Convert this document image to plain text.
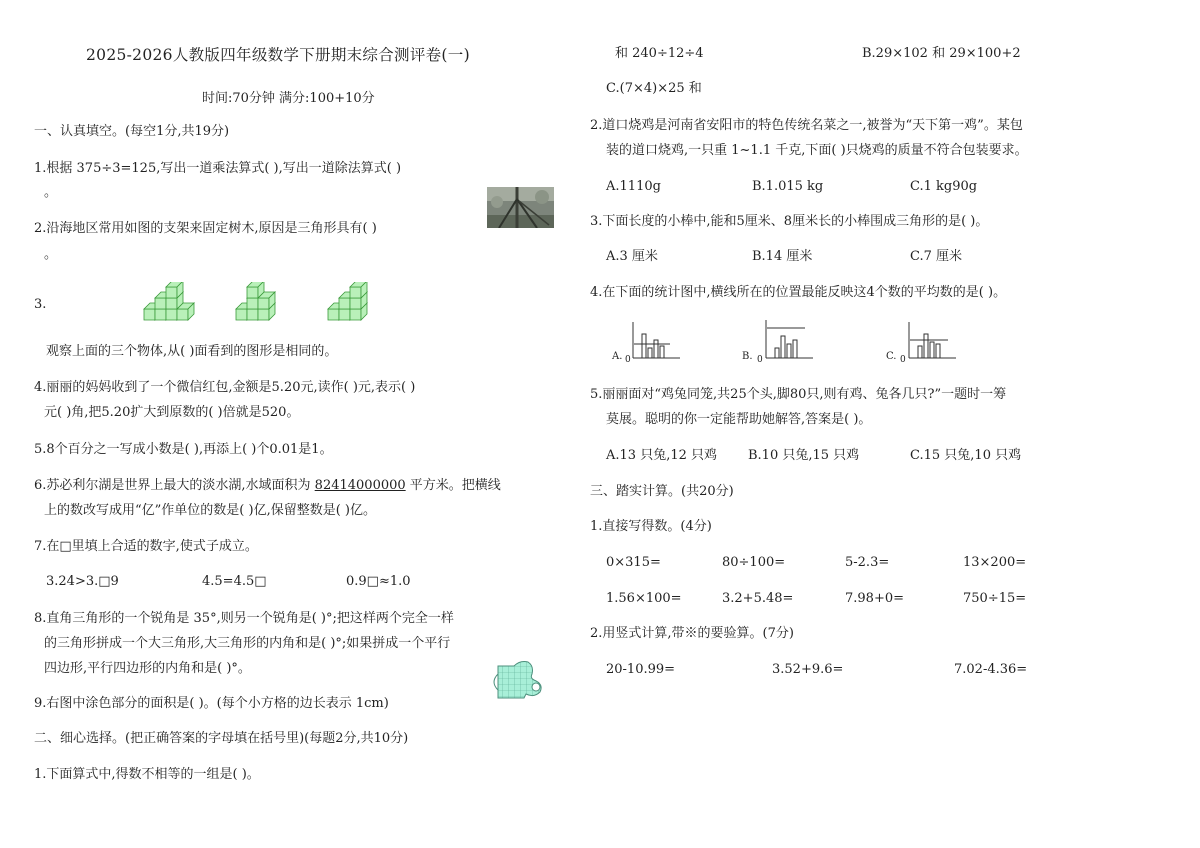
2025-2026人教版四年级数学下册期末综合测评卷(一)
时间:70分钟 满分:100+10分
一、认真填空。(每空1分,共19分)
1.根据 375÷3=125,写出一道乘法算式( ),写出一道除法算式( )
。
2.沿海地区常用如图的支架来固定树木,原因是三角形具有( )
。
3.
观察上面的三个物体,从( )面看到的图形是相同的。
4.丽丽的妈妈收到了一个微信红包,金额是5.20元,读作( )元,表示( )
元( )角,把5.20扩大到原数的( )倍就是520。
5.8个百分之一写成小数是( ),再添上( )个0.01是1。
6.苏必利尔湖是世界上最大的淡水湖,水域面积为 82414000000 平方米。把横线
上的数改写成用“亿”作单位的数是( )亿,保留整数是( )亿。
7.在□里填上合适的数字,使式子成立。
3.24>3.□9	4.5=4.5□	0.9□≈1.0
8.直角三角形的一个锐角是 35°,则另一个锐角是( )°;把这样两个完全一样
的三角形拼成一个大三角形,大三角形的内角和是( )°;如果拼成一个平行
四边形,平行四边形的内角和是( )°。
9.右图中涂色部分的面积是( )。(每个小方格的边长表示 1cm)
二、细心选择。(把正确答案的字母填在括号里)(每题2分,共10分)
1.下面算式中,得数不相等的一组是( )。
和 240÷12÷4	B.29×102 和 29×100+2
C.(7×4)×25 和
2.道口烧鸡是河南省安阳市的特色传统名菜之一,被誉为“天下第一鸡”。某包
装的道口烧鸡,一只重 1~1.1 千克,下面( )只烧鸡的质量不符合包装要求。
A.1110g	B.1.015 kg	C.1 kg90g
3.下面长度的小棒中,能和5厘米、8厘米长的小棒围成三角形的是( )。
A.3 厘米	B.14 厘米	C.7 厘米
4.在下面的统计图中,横线所在的位置最能反映这4个数的平均数的是( )。
A. 0	B. 0	C. 0
5.丽丽面对“鸡兔同笼,共25个头,脚80只,则有鸡、兔各几只?”一题时一筹
莫展。聪明的你一定能帮助她解答,答案是( )。
A.13 只兔,12 只鸡 B.10 只兔,15 只鸡	C.15 只兔,10 只鸡
三、踏实计算。(共20分)
1.直接写得数。(4分)
0×315=	80÷100=	5-2.3=	13×200=
1.56×100=	3.2+5.48=	7.98+0=	750÷15=
2.用竖式计算,带※的要验算。(7分)
20-10.99=	3.52+9.6=	7.02-4.36=
